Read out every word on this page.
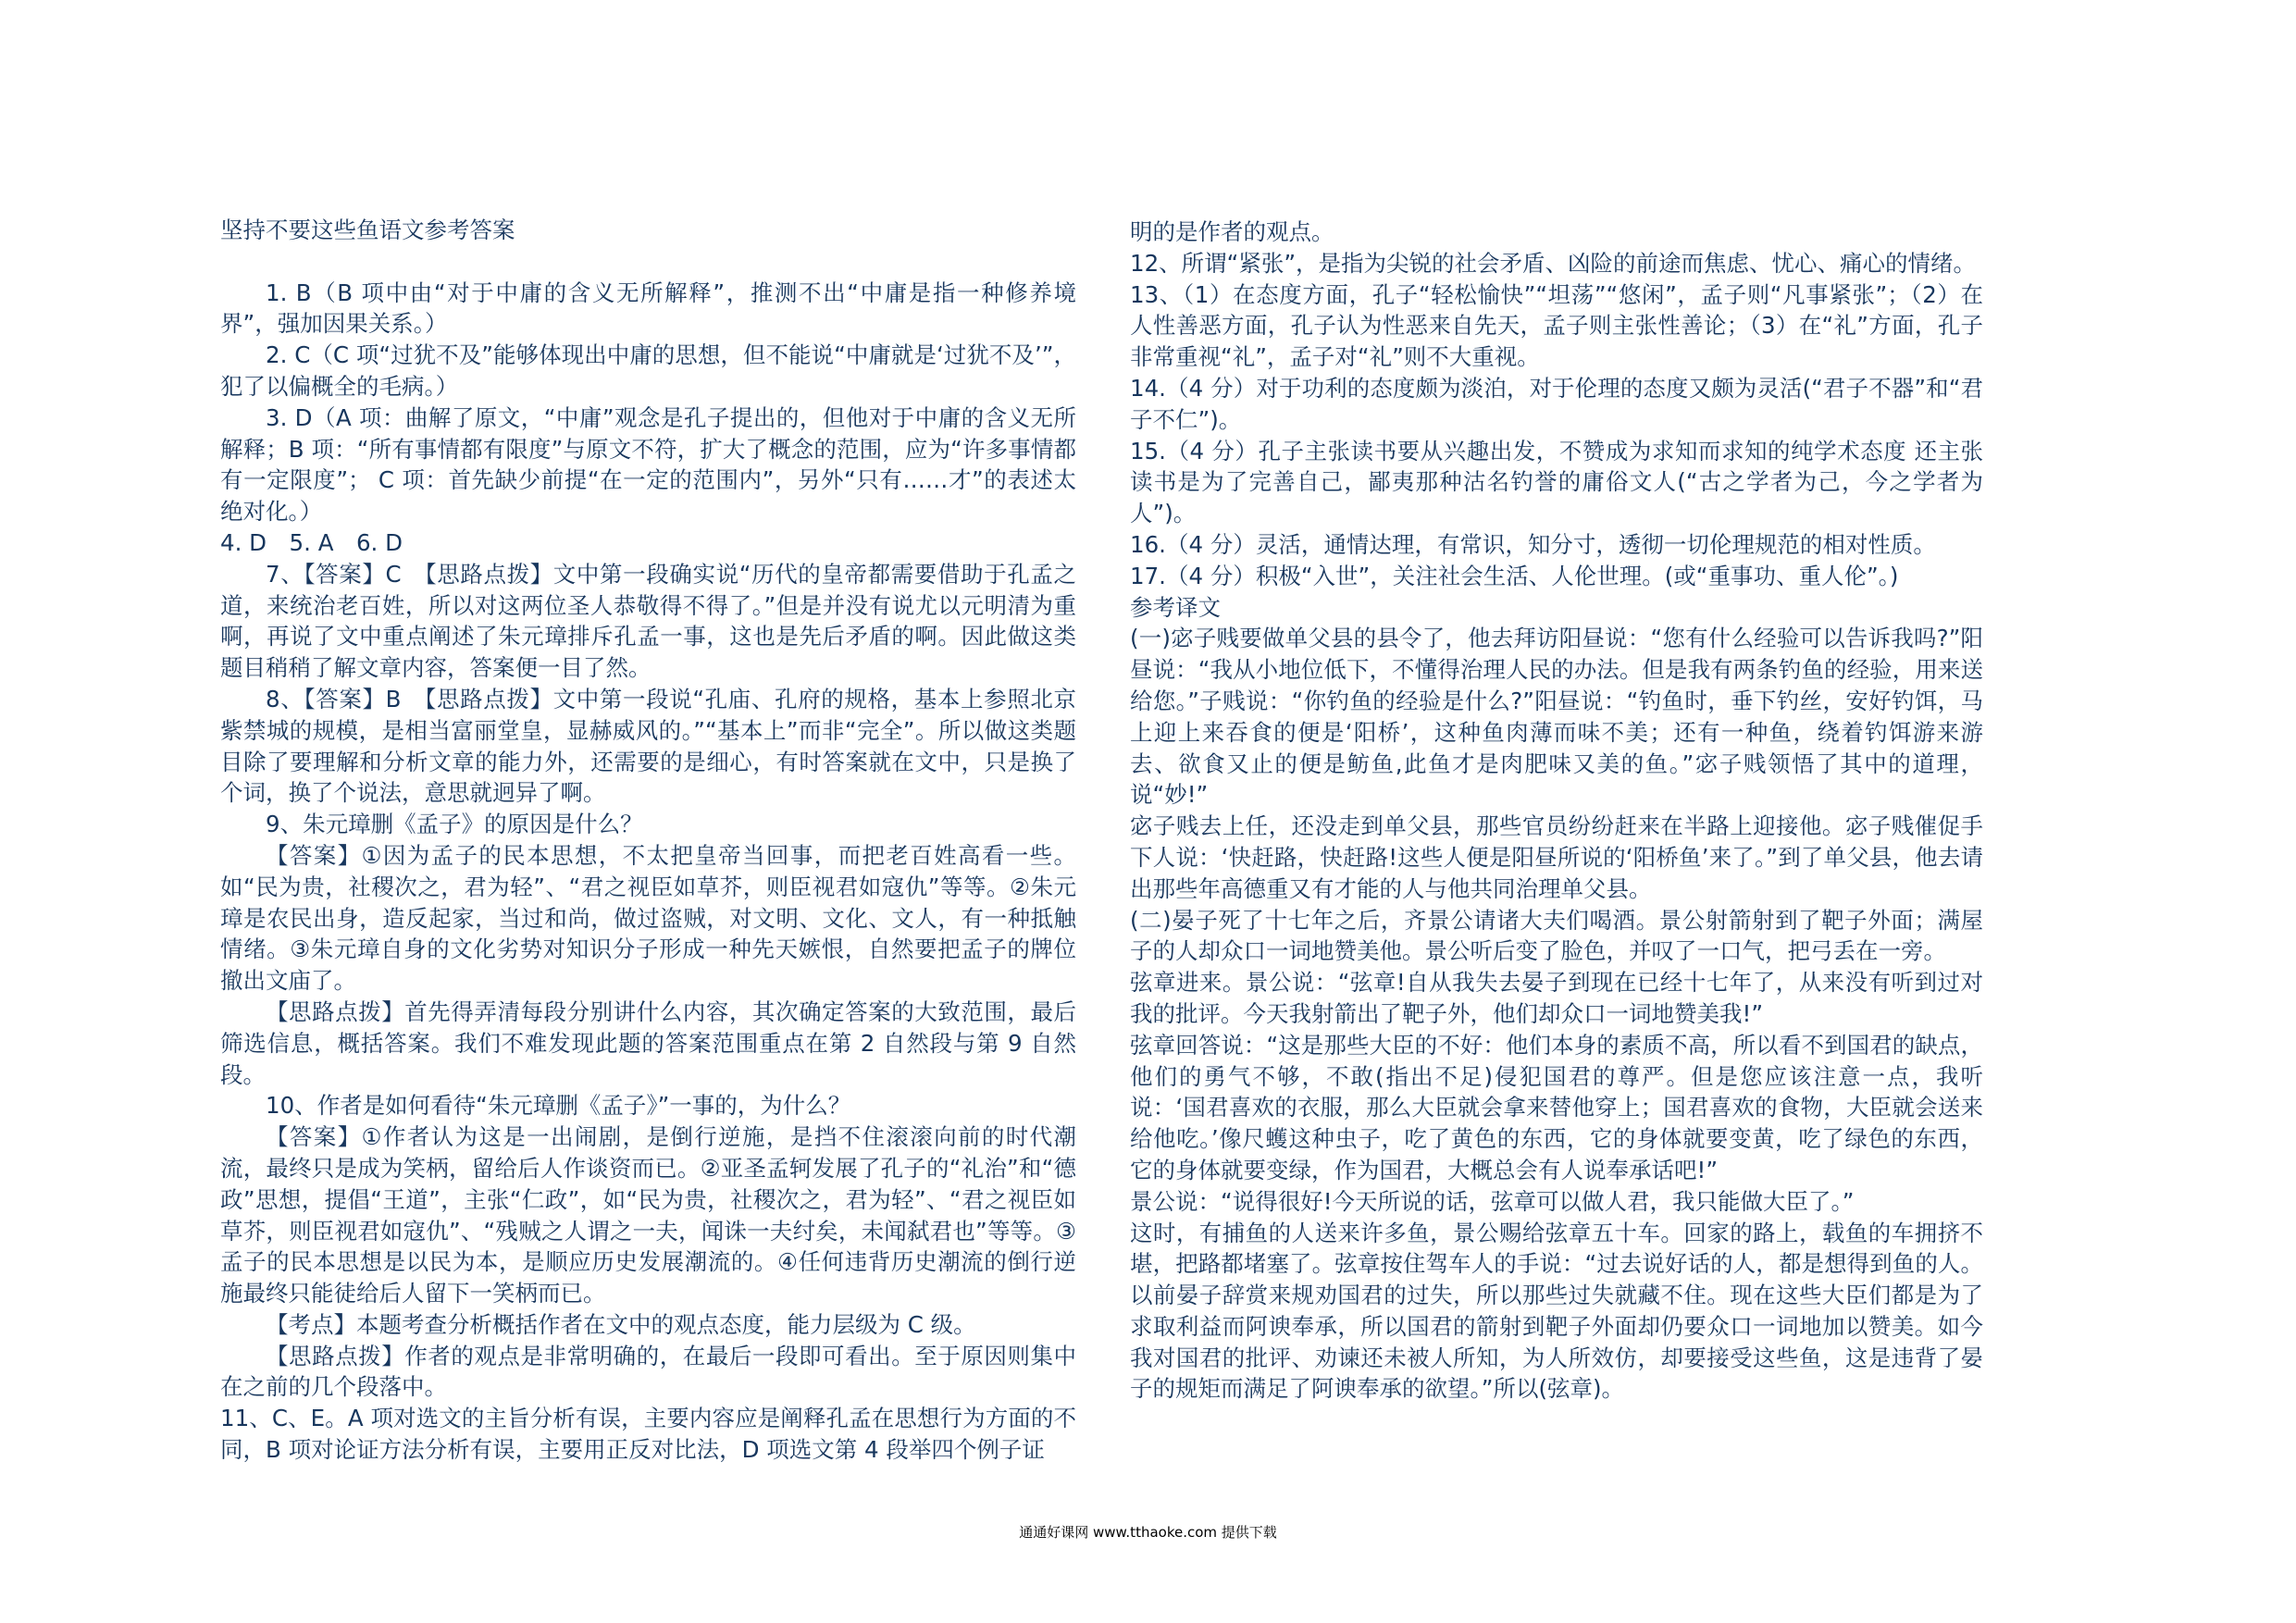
坚持不要这些鱼语文参考答案

1. B（B 项中由“对于中庸的含义无所解释”，推测不出“中庸是指一种修养境界”，强加因果关系。）

2. C（C 项“过犹不及”能够体现出中庸的思想，但不能说“中庸就是‘过犹不及’”，犯了以偏概全的毛病。）

3. D（A 项：曲解了原文，“中庸”观念是孔子提出的，但他对于中庸的含义无所解释；B 项：“所有事情都有限度”与原文不符，扩大了概念的范围，应为“许多事情都有一定限度”； C 项：首先缺少前提“在一定的范围内”，另外“只有……才”的表述太绝对化。）

4. D　5. A　6. D

7、【答案】C　【思路点拨】文中第一段确实说“历代的皇帝都需要借助于孔孟之道，来统治老百姓，所以对这两位圣人恭敬得不得了。”但是并没有说尤以元明清为重啊，再说了文中重点阐述了朱元璋排斥孔孟一事，这也是先后矛盾的啊。因此做这类题目稍稍了解文章内容，答案便一目了然。

8、【答案】B　【思路点拨】文中第一段说“孔庙、孔府的规格，基本上参照北京紫禁城的规模，是相当富丽堂皇，显赫威风的。”“基本上”而非“完全”。所以做这类题目除了要理解和分析文章的能力外，还需要的是细心，有时答案就在文中，只是换了个词，换了个说法，意思就迥异了啊。

9、朱元璋删《孟子》的原因是什么？

【答案】①因为孟子的民本思想，不太把皇帝当回事，而把老百姓高看一些。如“民为贵，社稷次之，君为轻”、“君之视臣如草芥，则臣视君如寇仇”等等。②朱元璋是农民出身，造反起家，当过和尚，做过盗贼，对文明、文化、文人，有一种抵触情绪。③朱元璋自身的文化劣势对知识分子形成一种先天嫉恨，自然要把孟子的牌位撤出文庙了。

【思路点拨】首先得弄清每段分别讲什么内容，其次确定答案的大致范围，最后筛选信息，概括答案。我们不难发现此题的答案范围重点在第 2 自然段与第 9 自然段。

10、作者是如何看待“朱元璋删《孟子》”一事的，为什么？

【答案】①作者认为这是一出闹剧，是倒行逆施，是挡不住滚滚向前的时代潮流，最终只是成为笑柄，留给后人作谈资而已。②亚圣孟轲发展了孔子的“礼治”和“德政”思想，提倡“王道”，主张“仁政”，如“民为贵，社稷次之，君为轻”、“君之视臣如草芥，则臣视君如寇仇”、“残贼之人谓之一夫，闻诛一夫纣矣，未闻弑君也”等等。③孟子的民本思想是以民为本，是顺应历史发展潮流的。④任何违背历史潮流的倒行逆施最终只能徒给后人留下一笑柄而已。

【考点】本题考查分析概括作者在文中的观点态度，能力层级为 C 级。

【思路点拨】作者的观点是非常明确的，在最后一段即可看出。至于原因则集中在之前的几个段落中。

11、C、E。A 项对选文的主旨分析有误，主要内容应是阐释孔孟在思想行为方面的不同，B 项对论证方法分析有误，主要用正反对比法，D 项选文第 4 段举四个例子证

明的是作者的观点。

12、所谓“紧张”，是指为尖锐的社会矛盾、凶险的前途而焦虑、忧心、痛心的情绪。

13、（1）在态度方面，孔子“轻松愉快”“坦荡”“悠闲”，孟子则“凡事紧张”；（2）在人性善恶方面，孔子认为性恶来自先天，孟子则主张性善论；（3）在“礼”方面，孔子非常重视“礼”，孟子对“礼”则不大重视。

14.（4 分）对于功利的态度颇为淡泊，对于伦理的态度又颇为灵活(“君子不器”和“君子不仁”)。

15.（4 分）孔子主张读书要从兴趣出发，不赞成为求知而求知的纯学术态度 还主张读书是为了完善自己，鄙夷那种沽名钓誉的庸俗文人(“古之学者为己，今之学者为人”)。

16.（4 分）灵活，通情达理，有常识，知分寸，透彻一切伦理规范的相对性质。

17.（4 分）积极“入世”，关注社会生活、人伦世理。(或“重事功、重人伦”。)

参考译文

(一)宓子贱要做单父县的县令了，他去拜访阳昼说：“您有什么经验可以告诉我吗?”阳昼说：“我从小地位低下，不懂得治理人民的办法。但是我有两条钓鱼的经验，用来送给您。”子贱说：“你钓鱼的经验是什么?”阳昼说：“钓鱼时，垂下钓丝，安好钓饵，马上迎上来吞食的便是‘阳桥’，这种鱼肉薄而味不美；还有一种鱼，绕着钓饵游来游去、欲食又止的便是鲂鱼,此鱼才是肉肥味又美的鱼。”宓子贱领悟了其中的道理，说“妙!”

宓子贱去上任，还没走到单父县，那些官员纷纷赶来在半路上迎接他。宓子贱催促手下人说：‘快赶路，快赶路!这些人便是阳昼所说的‘阳桥鱼’来了。”到了单父县，他去请出那些年高德重又有才能的人与他共同治理单父县。

(二)晏子死了十七年之后，齐景公请诸大夫们喝酒。景公射箭射到了靶子外面；满屋子的人却众口一词地赞美他。景公听后变了脸色，并叹了一口气，把弓丢在一旁。

弦章进来。景公说：“弦章!自从我失去晏子到现在已经十七年了，从来没有听到过对我的批评。今天我射箭出了靶子外，他们却众口一词地赞美我!”

弦章回答说：“这是那些大臣的不好：他们本身的素质不高，所以看不到国君的缺点，他们的勇气不够，不敢(指出不足)侵犯国君的尊严。但是您应该注意一点，我听说：‘国君喜欢的衣服，那么大臣就会拿来替他穿上；国君喜欢的食物，大臣就会送来给他吃。’像尺蠖这种虫子，吃了黄色的东西，它的身体就要变黄，吃了绿色的东西，它的身体就要变绿，作为国君，大概总会有人说奉承话吧!”

景公说：“说得很好!今天所说的话，弦章可以做人君，我只能做大臣了。”

这时，有捕鱼的人送来许多鱼，景公赐给弦章五十车。回家的路上，载鱼的车拥挤不堪，把路都堵塞了。弦章按住驾车人的手说：“过去说好话的人，都是想得到鱼的人。以前晏子辞赏来规劝国君的过失，所以那些过失就藏不住。现在这些大臣们都是为了求取利益而阿谀奉承，所以国君的箭射到靶子外面却仍要众口一词地加以赞美。如今我对国君的批评、劝谏还未被人所知，为人所效仿，却要接受这些鱼，这是违背了晏子的规矩而满足了阿谀奉承的欲望。”所以(弦章)。

通通好课网 www.tthaoke.com 提供下载
